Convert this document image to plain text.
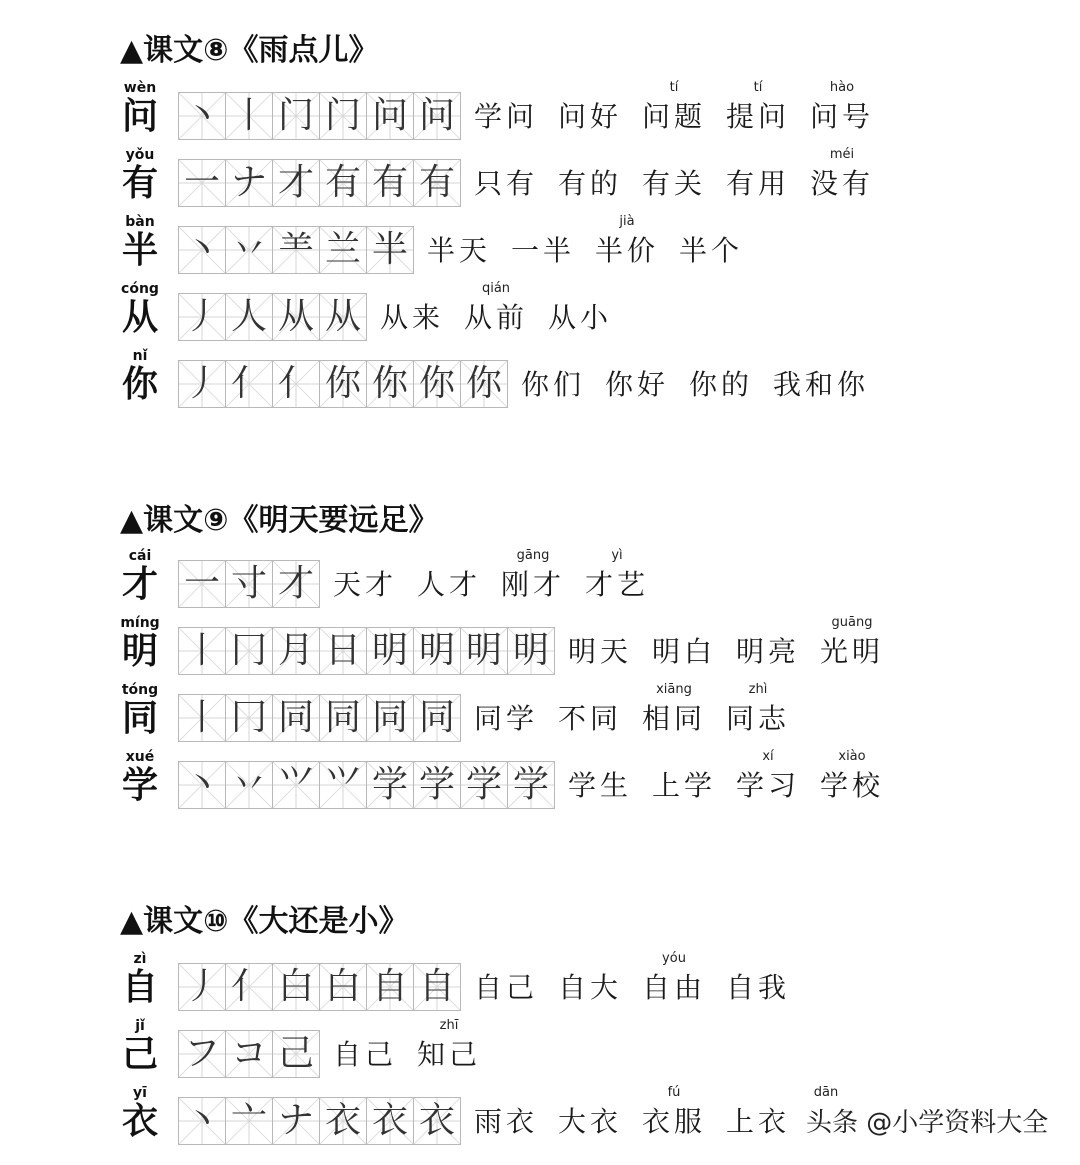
▲课文⑧《雨点儿》
wèn
问 丶 丨 门 门 问 问 学问 问好
tí
问题
tí
提问
hào
问号
yǒu
有 一 ナ 才 有 有 有 只有 有的 有关 有用
méi
没有
bàn
半 丶 丷 ⺷ 兰 半 半天 一半
jià
半价 半个
cóng
从 丿 人 从 从 从来
qián
从前 从小
nǐ
你 丿 亻 亻 你 你 你 你 你们 你好 你的 我和你
▲课文⑨《明天要远足》
cái
才 一 寸 才 天才 人才
gāng
刚才
yì
才艺
míng
明 丨 冂 月 日 明 明 明 明 明天 明白 明亮
guāng
光明
tóng
同 丨 冂 同 同 同 同 同学 不同
xiāng
相同
zhì
同志
xué
学 丶 丷 ⺍ ⺍ 学 学 学 学 学生 上学
xí
学习
xiào
学校
▲课文⑩《大还是小》
zì
自 丿 亻 白 白 自 自 自己 自大
yóu
自由 自我
jǐ
己 フ コ 己 自己
zhī
知己
yī
衣 丶 亠 ナ 衣 衣 衣 雨衣 大衣
fú
衣服 上衣
dān
头条 @小学资料大全
